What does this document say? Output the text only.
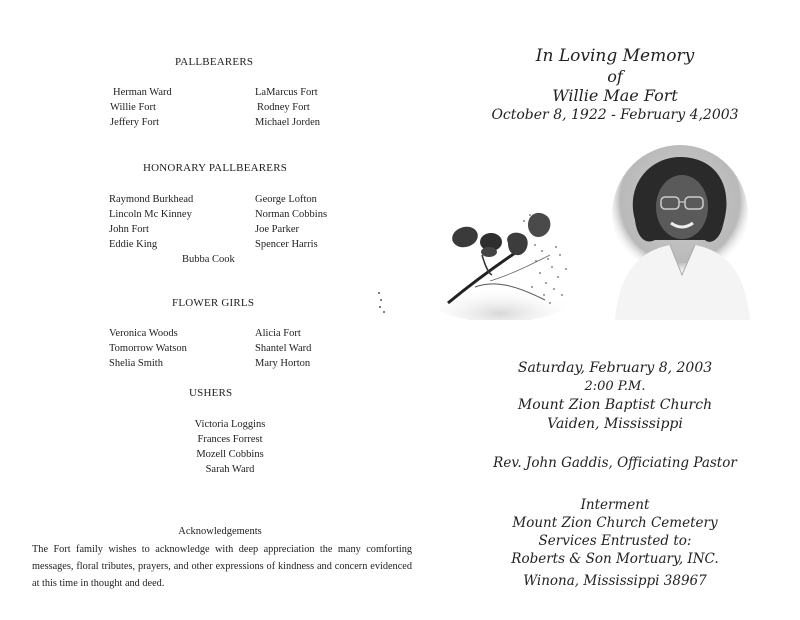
PALLBEARERS
Herman Ward
Willie Fort
Jeffery Fort
LaMarcus Fort
Rodney Fort
Michael Jorden
HONORARY PALLBEARERS
Raymond Burkhead
Lincoln Mc Kinney
John Fort
Eddie King
George Lofton
Norman Cobbins
Joe Parker
Spencer Harris
Bubba Cook
FLOWER GIRLS
Veronica Woods
Tomorrow Watson
Shelia Smith
Alicia Fort
Shantel Ward
Mary Horton
USHERS
Victoria Loggins
Frances Forrest
Mozell Cobbins
Sarah Ward
Acknowledgements
The Fort family wishes to acknowledge with deep appreciation the many comforting messages, floral tributes, prayers, and other expressions of kindness and concern evidenced at this time in thought and deed.
In Loving Memory
of
Willie Mae Fort
October 8, 1922 - February 4,2003
Saturday, February 8, 2003
2:00 P.M.
Mount Zion Baptist Church
Vaiden, Mississippi
Rev. John Gaddis, Officiating Pastor
Interment
Mount Zion Church Cemetery
Services Entrusted to:
Roberts & Son Mortuary, INC.
Winona, Mississippi 38967
